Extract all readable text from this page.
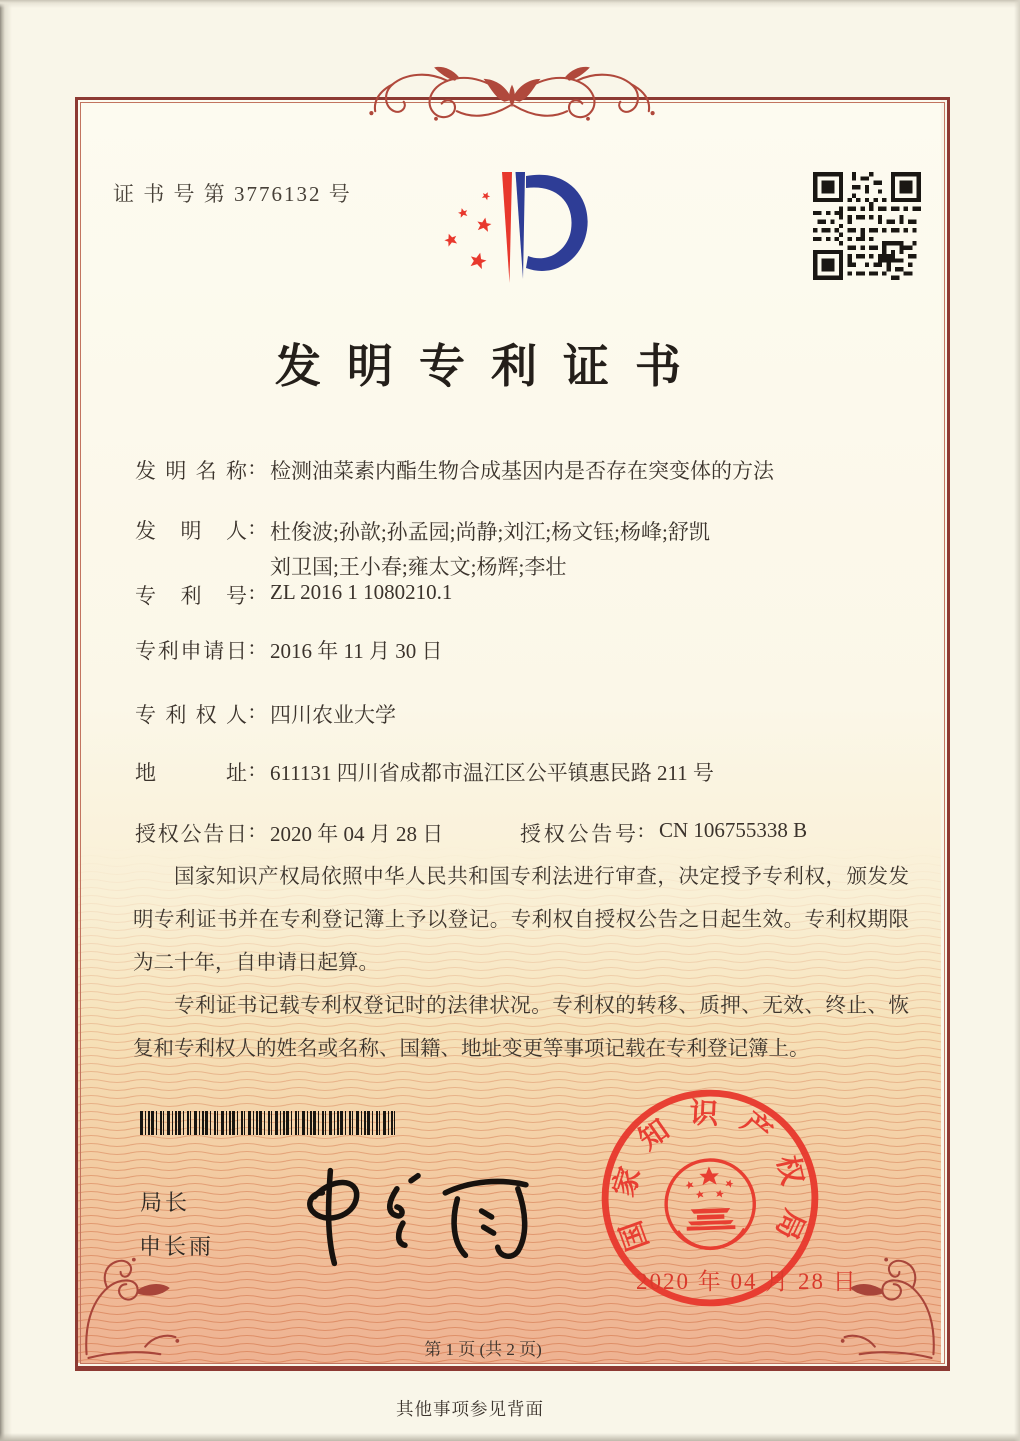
证 书 号 第 3776132 号
发明专利证书
发明名称: 检测油菜素内酯生物合成基因内是否存在突变体的方法
发明人: 杜俊波;孙歆;孙孟园;尚静;刘江;杨文钰;杨峰;舒凯
刘卫国;王小春;雍太文;杨辉;李壮
专利号: ZL 2016 1 1080210.1
专利申请日: 2016 年 11 月 30 日
专利权人: 四川农业大学
地址: 611131 四川省成都市温江区公平镇惠民路 211 号
授权公告日: 2020 年 04 月 28 日	授权公告号: CN 106755338 B

国家知识产权局依照中华人民共和国专利法进行审查，决定授予专利权，颁发发明专利证书并在专利登记簿上予以登记。专利权自授权公告之日起生效。专利权期限为二十年，自申请日起算。

专利证书记载专利权登记时的法律状况。专利权的转移、质押、无效、终止、恢复和专利权人的姓名或名称、国籍、地址变更等事项记载在专利登记簿上。

局长
申长雨	国家知识产权局
2020 年 04 月 28 日
第 1 页 (共 2 页)
其他事项参见背面
